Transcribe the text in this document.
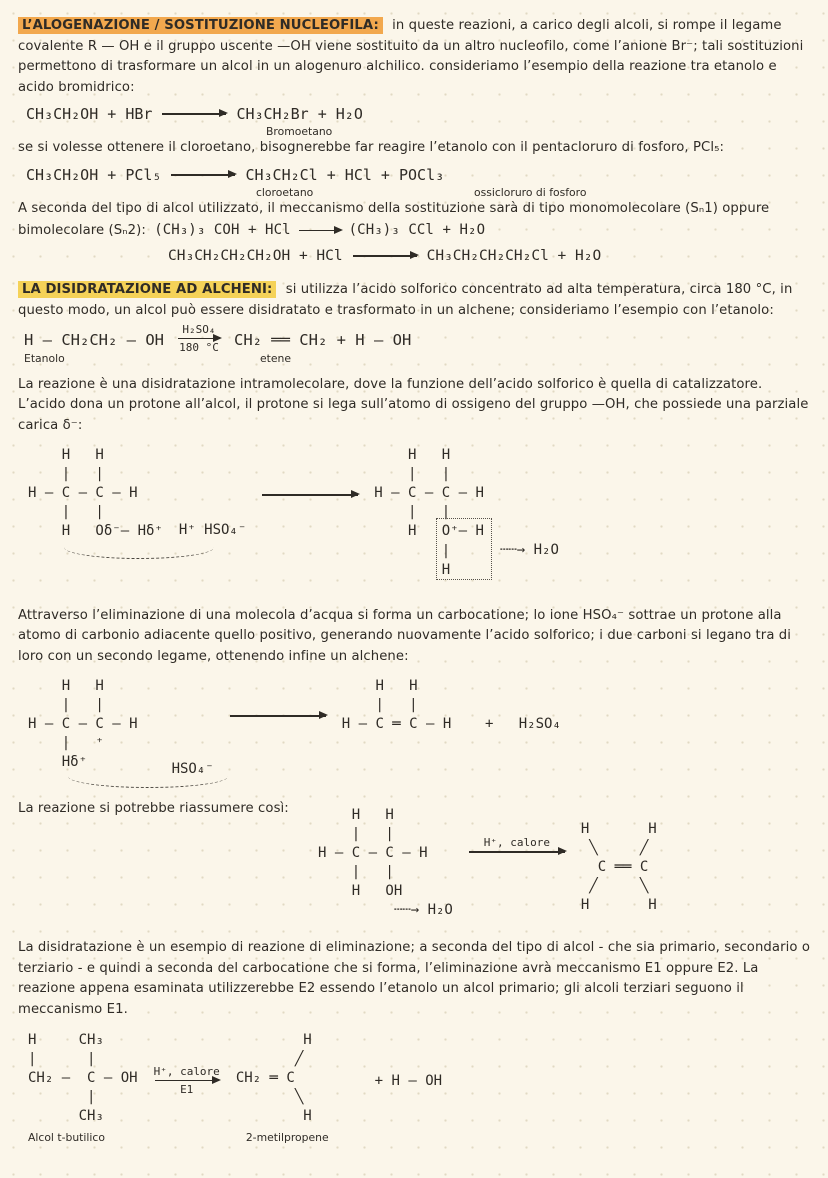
L’ALOGENAZIONE / SOSTITUZIONE NUCLEOFILA: in queste reazioni, a carico degli alcoli, si rompe il legame covalente R — OH e il gruppo uscente —OH viene sostituito da un altro nucleofilo, come l’anione Br⁻; tali sostituzioni permettono di trasformare un alcol in un alogenuro alchilico. consideriamo l’esempio della reazione tra etanolo e acido bromidrico:

CH₃CH₂OH + HBr	CH₃CH₂Br + H₂O
Bromoetano

se si volesse ottenere il cloroetano, bisognerebbe far reagire l’etanolo con il pentacloruro di fosforo, PCl₅:

CH₃CH₂OH + PCl₅	CH₃CH₂Cl + HCl + POCl₃
cloroetano	ossicloruro di fosforo

A seconda del tipo di alcol utilizzato, il meccanismo della sostituzione sarà di tipo monomolecolare (Sₙ1) oppure bimolecolare (Sₙ2): (CH₃)₃ COH + HCl	(CH₃)₃ CCl + H₂O

CH₃CH₂CH₂CH₂OH + HCl	CH₃CH₂CH₂CH₂Cl + H₂O

LA DISIDRATAZIONE AD ALCHENI: si utilizza l’acido solforico concentrato ad alta temperatura, circa 180 °C, in questo modo, un alcol può essere disidratato e trasformato in un alchene; consideriamo l’esempio con l’etanolo:

H — CH₂CH₂ — OH
Etanolo
H₂SO₄
180 °C CH₂ ══ CH₂ + H — OH
etene

La reazione è una disidratazione intramolecolare, dove la funzione dell’acido solforico è quella di catalizzatore. L’acido dona un protone all’alcol, il protone si lega sull’atomo di ossigeno del gruppo —OH, che possiede una parziale carica δ⁻:

H   H
|   |
H — C — C — H
|   |
H   Oδ⁻— Hδ⁺ H⁺ HSO₄⁻
H   H
|   |
H — C — C — H
|   |
H   O⁺— H
|
H
┄┄→ H₂O

Attraverso l’eliminazione di una molecola d’acqua si forma un carbocatione; lo ione HSO₄⁻ sottrae un protone alla atomo di carbonio adiacente quello positivo, generando nuovamente l’acido solforico; i due carboni si legano tra di loro con un secondo legame, ottenendo infine un alchene:

H   H
|   |
H — C — C — H
|   ⁺
Hδ⁺	HSO₄⁻
H   H
|   |
H — C ═ C — H    +   H₂SO₄

La reazione si potrebbe riassumere così:	H   H
|   |
H — C — C — H
|   |
H   OH
┄┄→ H₂O
H⁺, calore
H       H
╲     ╱
C ══ C
╱     ╲
H       H

La disidratazione è un esempio di reazione di eliminazione; a seconda del tipo di alcol - che sia primario, secondario o terziario - e quindi a seconda del carbocatione che si forma, l’eliminazione avrà meccanismo E1 oppure E2. La reazione appena esaminata utilizzerebbe E2 essendo l’etanolo un alcol primario; gli alcoli terziari seguono il meccanismo E1.

H     CH₃
|      |
CH₂ —  C — OH
|
CH₃
Alcol t-butilico
H⁺, calore
E1
H
╱
CH₂ ═ C
╲
H
2-metilpropene
+ H — OH
